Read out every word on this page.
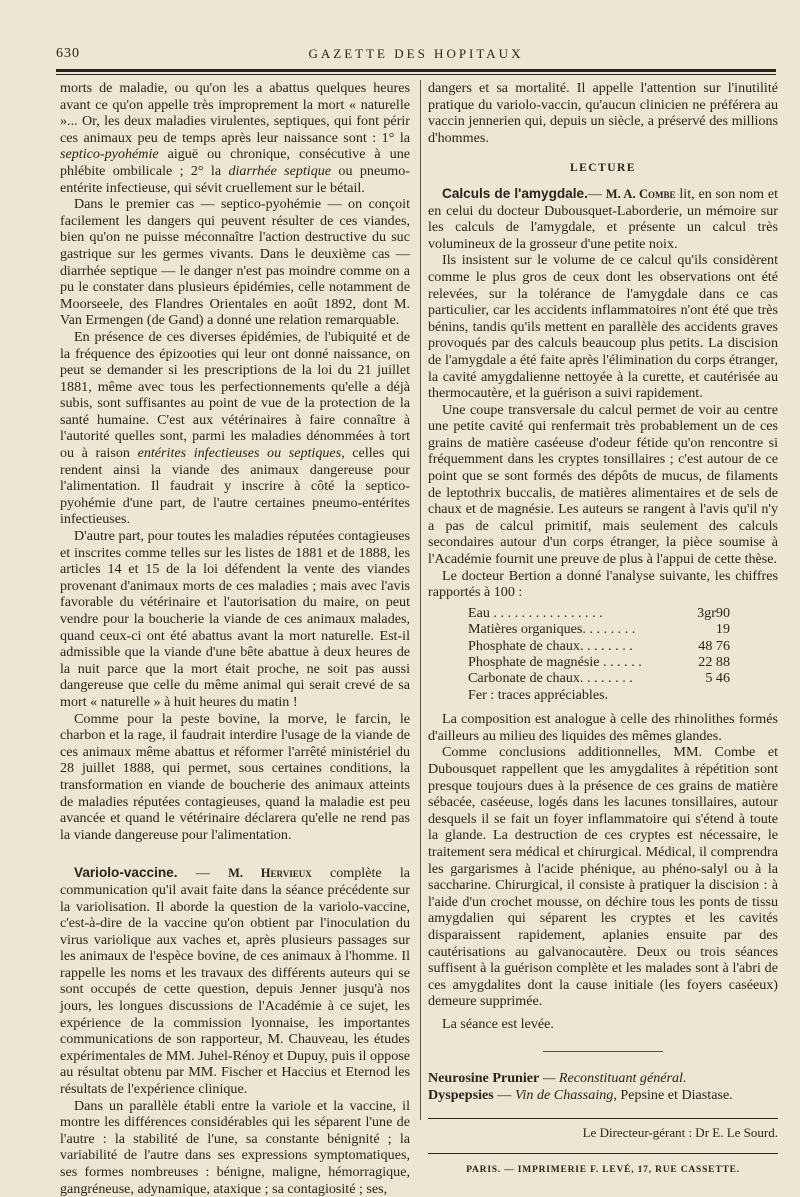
630	GAZETTE DES HOPITAUX

morts de maladie, ou qu'on les a abattus quelques heures avant ce qu'on appelle très improprement la mort « naturelle »... Or, les deux maladies virulentes, septiques, qui font périr ces animaux peu de temps après leur naissance sont : 1° la septico-pyohémie aiguë ou chronique, consécutive à une phlébite ombilicale ; 2° la diarrhée septique ou pneumo-entérite infectieuse, qui sévit cruellement sur le bétail.

Dans le premier cas — septico-pyohémie — on conçoit facilement les dangers qui peuvent résulter de ces viandes, bien qu'on ne puisse méconnaître l'action destructive du suc gastrique sur les germes vivants. Dans le deuxième cas — diarrhée septique — le danger n'est pas moindre comme on a pu le constater dans plusieurs épidémies, celle notamment de Moorseele, des Flandres Orientales en août 1892, dont M. Van Ermengen (de Gand) a donné une relation remarquable.

En présence de ces diverses épidémies, de l'ubiquité et de la fréquence des épizooties qui leur ont donné naissance, on peut se demander si les prescriptions de la loi du 21 juillet 1881, même avec tous les perfectionnements qu'elle a déjà subis, sont suffisantes au point de vue de la protection de la santé humaine. C'est aux vétérinaires à faire connaître à l'autorité quelles sont, parmi les maladies dénommées à tort ou à raison entérites infectieuses ou septiques, celles qui rendent ainsi la viande des animaux dangereuse pour l'alimentation. Il faudrait y inscrire à côté la septico-pyohémie d'une part, de l'autre certaines pneumo-entérites infectieuses.

D'autre part, pour toutes les maladies réputées contagieuses et inscrites comme telles sur les listes de 1881 et de 1888, les articles 14 et 15 de la loi défendent la vente des viandes provenant d'animaux morts de ces maladies ; mais avec l'avis favorable du vétérinaire et l'autorisation du maire, on peut vendre pour la boucherie la viande de ces animaux malades, quand ceux-ci ont été abattus avant la mort naturelle. Est-il admissible que la viande d'une bête abattue à deux heures de la nuit parce que la mort était proche, ne soit pas aussi dangereuse que celle du même animal qui serait crevé de sa mort « naturelle » à huit heures du matin !

Comme pour la peste bovine, la morve, le farcin, le charbon et la rage, il faudrait interdire l'usage de la viande de ces animaux même abattus et réformer l'arrêté ministériel du 28 juillet 1888, qui permet, sous certaines conditions, la transformation en viande de boucherie des animaux atteints de maladies réputées contagieuses, quand la maladie est peu avancée et quand le vétérinaire déclarera qu'elle ne rend pas la viande dangereuse pour l'alimentation.

Variolo-vaccine. — M. Hervieux complète la communication qu'il avait faite dans la séance précédente sur la variolisation. Il aborde la question de la variolo-vaccine, c'est-à-dire de la vaccine qu'on obtient par l'inoculation du virus variolique aux vaches et, après plusieurs passages sur les animaux de l'espèce bovine, de ces animaux à l'homme. Il rappelle les noms et les travaux des différents auteurs qui se sont occupés de cette question, depuis Jenner jusqu'à nos jours, les longues discussions de l'Académie à ce sujet, les expérience de la commission lyonnaise, les importantes communications de son rapporteur, M. Chauveau, les études expérimentales de MM. Juhel-Rénoy et Dupuy, puis il oppose au résultat obtenu par MM. Fischer et Haccius et Eternod les résultats de l'expérience clinique.

Dans un parallèle établi entre la variole et la vaccine, il montre les différences considérables qui les séparent l'une de l'autre : la stabilité de l'une, sa constante bénignité ; la variabilité de l'autre dans ses expressions symptomatiques, ses formes nombreuses : bénigne, maligne, hémorragique, gangréneuse, adynamique, ataxique ; sa contagiosité ; ses,

dangers et sa mortalité. Il appelle l'attention sur l'inutilité pratique du variolo-vaccin, qu'aucun clinicien ne préférera au vaccin jennerien qui, depuis un siècle, a préservé des millions d'hommes.

LECTURE

Calculs de l'amygdale.— M. A. Combe lit, en son nom et en celui du docteur Dubousquet-Laborderie, un mémoire sur les calculs de l'amygdale, et présente un calcul très volumineux de la grosseur d'une petite noix.

Ils insistent sur le volume de ce calcul qu'ils considèrent comme le plus gros de ceux dont les observations ont été relevées, sur la tolérance de l'amygdale dans ce cas particulier, car les accidents inflammatoires n'ont été que très bénins, tandis qu'ils mettent en parallèle des accidents graves provoqués par des calculs beaucoup plus petits. La discision de l'amygdale a été faite après l'élimination du corps étranger, la cavité amygdalienne nettoyée à la curette, et cautérisée au thermocautère, et la guérison a suivi rapidement.

Une coupe transversale du calcul permet de voir au centre une petite cavité qui renfermait très probablement un de ces grains de matière caséeuse d'odeur fétide qu'on rencontre si fréquemment dans les cryptes tonsillaires ; c'est autour de ce point que se sont formés des dépôts de mucus, de filaments de leptothrix buccalis, de matières alimentaires et de sels de chaux et de magnésie. Les auteurs se rangent à l'avis qu'il n'y a pas de calcul primitif, mais seulement des calculs secondaires autour d'un corps étranger, la pièce soumise à l'Académie fournit une preuve de plus à l'appui de cette thèse.

Le docteur Bertion a donné l'analyse suivante, les chiffres rapportés à 100 :

Eau . . . . . . . . . . . . . . . .	3gr90
Matières organiques. . . . . . . .	19
Phosphate de chaux. . . . . . . .	48 76
Phosphate de magnésie . . . . . .	22 88
Carbonate de chaux. . . . . . . .	5 46
Fer : traces appréciables.

La composition est analogue à celle des rhinolithes formés d'ailleurs au milieu des liquides des mêmes glandes.

Comme conclusions additionnelles, MM. Combe et Dubousquet rappellent que les amygdalites à répétition sont presque toujours dues à la présence de ces grains de matière sébacée, caséeuse, logés dans les lacunes tonsillaires, autour desquels il se fait un foyer inflammatoire qui s'étend à toute la glande. La destruction de ces cryptes est nécessaire, le traitement sera médical et chirurgical. Médical, il comprendra les gargarismes à l'acide phénique, au phéno-salyl ou à la saccharine. Chirurgical, il consiste à pratiquer la discision : à l'aide d'un crochet mousse, on déchire tous les ponts de tissu amygdalien qui séparent les cryptes et les cavités disparaissent rapidement, aplanies ensuite par des cautérisations au galvanocautère. Deux ou trois séances suffisent à la guérison complète et les malades sont à l'abri de ces amygdalites dont la cause initiale (les foyers caséeux) demeure supprimée.

La séance est levée.

Neurosine Prunier — Reconstituant général.

Dyspepsies — Vin de Chassaing, Pepsine et Diastase.

Le Directeur-gérant : Dr E. Le Sourd.
PARIS. — IMPRIMERIE F. LEVÉ, 17, RUE CASSETTE.
